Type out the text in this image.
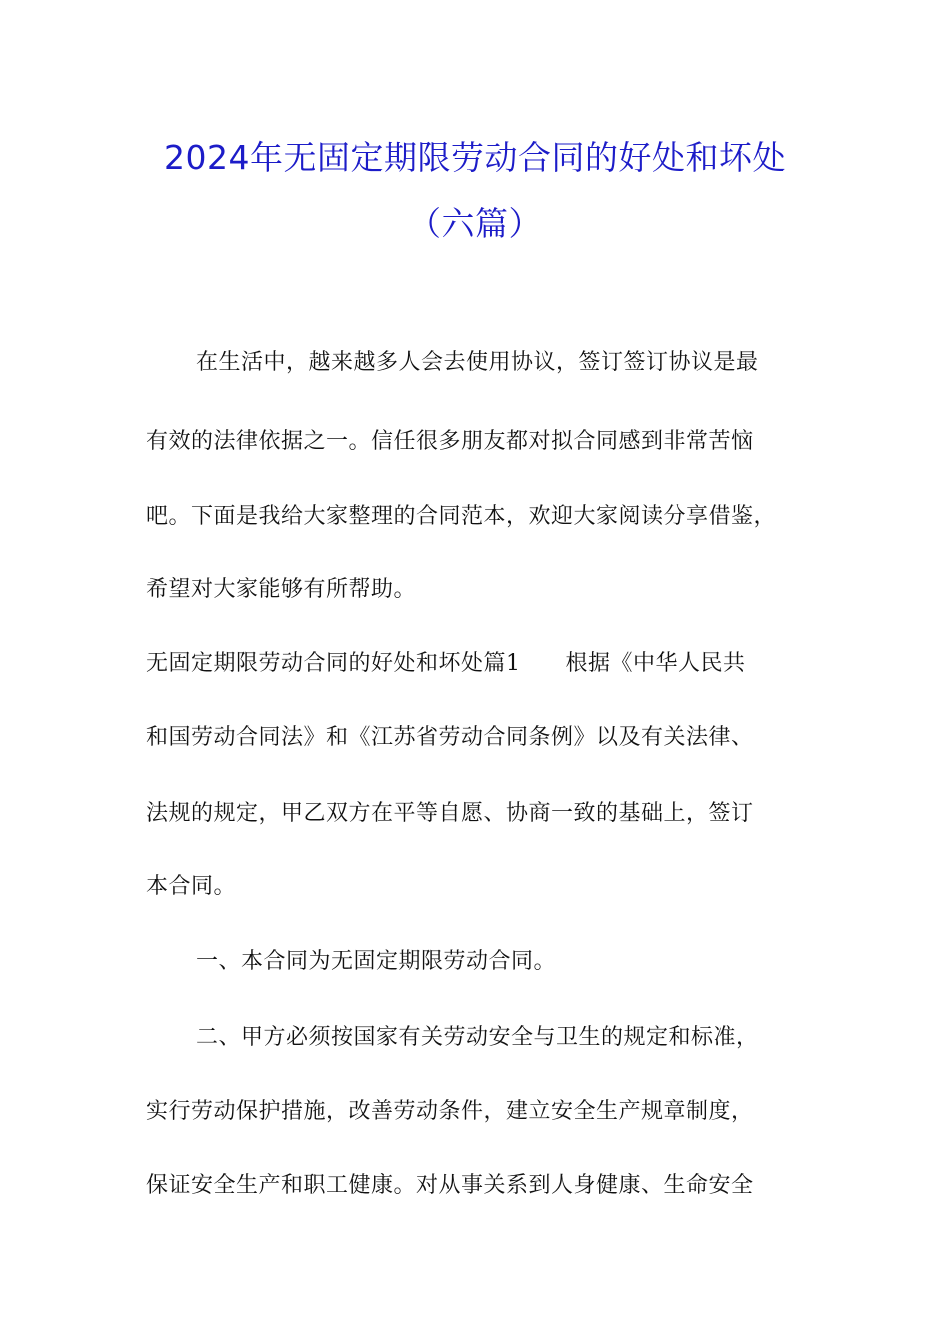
2024年无固定期限劳动合同的好处和坏处
（六篇）
在生活中，越来越多人会去使用协议，签订签订协议是最
有效的法律依据之一。信任很多朋友都对拟合同感到非常苦恼
吧。下面是我给大家整理的合同范本，欢迎大家阅读分享借鉴，
希望对大家能够有所帮助。
无固定期限劳动合同的好处和坏处篇1　　根据《中华人民共
和国劳动合同法》和《江苏省劳动合同条例》以及有关法律、
法规的规定，甲乙双方在平等自愿、协商一致的基础上，签订
本合同。
一、本合同为无固定期限劳动合同。
二、甲方必须按国家有关劳动安全与卫生的规定和标准，
实行劳动保护措施，改善劳动条件，建立安全生产规章制度，
保证安全生产和职工健康。对从事关系到人身健康、生命安全
